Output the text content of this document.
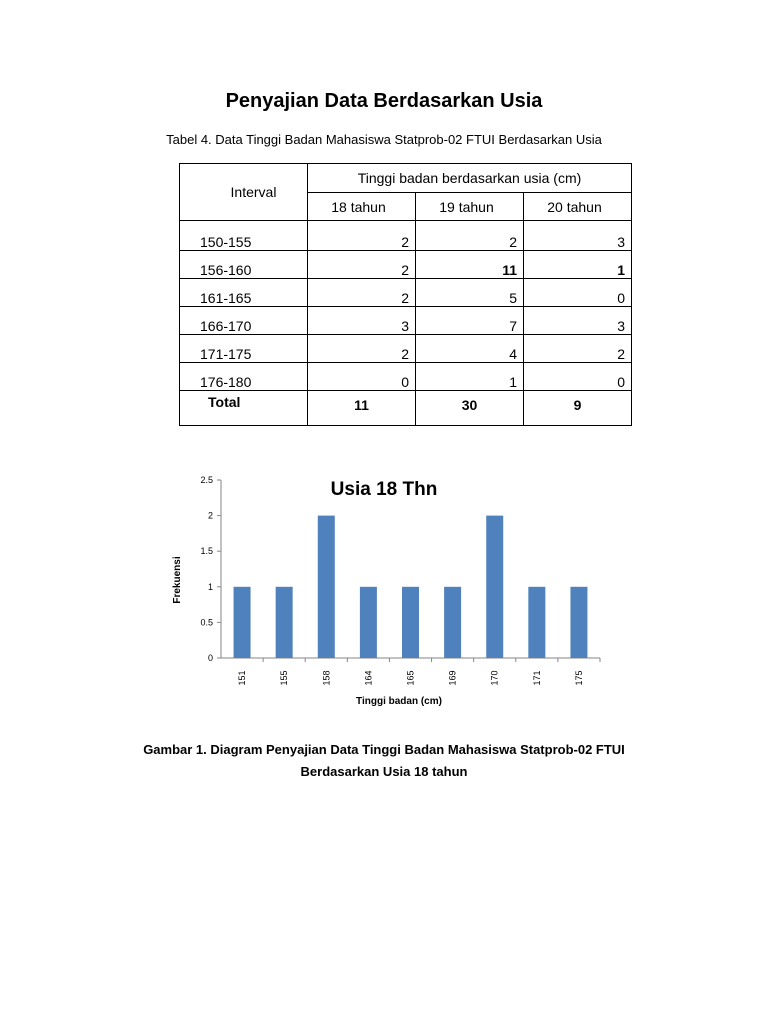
Penyajian Data Berdasarkan Usia
Tabel 4. Data Tinggi Badan Mahasiswa Statprob-02 FTUI Berdasarkan Usia
Interval	Tinggi badan berdasarkan usia (cm)		
	18 tahun	19 tahun	20 tahun
150-155	2	2	3
156-160	2	11	1
161-165	2	5	0
166-170	3	7	3
171-175	2	4	2
176-180	0	1	0
Total	11	30	9
Usia 18 Thn
0
0.5
1
1.5
2
2.5
151	155	158	164	165	169	170	171	175
Frekuensi
Tinggi badan (cm)
Gambar 1. Diagram Penyajian Data Tinggi Badan Mahasiswa Statprob-02 FTUI
Berdasarkan Usia 18 tahun
